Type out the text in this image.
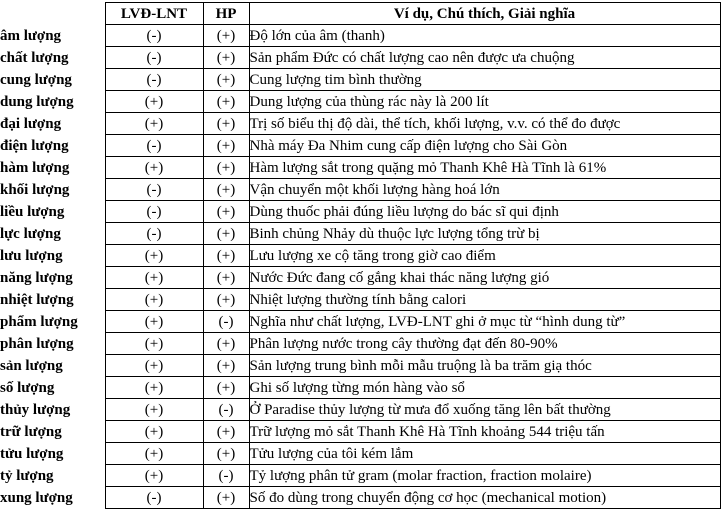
	LVĐ-LNT	HP	Ví dụ, Chú thích, Giải nghĩa
âm lượng	(-)	(+)	Độ lớn của âm (thanh)
chất lượng	(-)	(+)	Sản phẩm Đức có chất lượng cao nên được ưa chuộng
cung lượng	(-)	(+)	Cung lượng tim bình thường
dung lượng	(+)	(+)	Dung lượng của thùng rác này là 200 lít
đại lượng	(+)	(+)	Trị số biểu thị độ dài, thể tích, khối lượng, v.v. có thể đo được
điện lượng	(-)	(+)	Nhà máy Đa Nhim cung cấp điện lượng cho Sài Gòn
hàm lượng	(+)	(+)	Hàm lượng sắt trong quặng mỏ Thanh Khê Hà Tĩnh là 61%
khối lượng	(-)	(+)	Vận chuyển một khối lượng hàng hoá lớn
liều lượng	(-)	(+)	Dùng thuốc phải đúng liều lượng do bác sĩ qui định
lực lượng	(-)	(+)	Binh chủng Nhảy dù thuộc lực lượng tổng trừ bị
lưu lượng	(+)	(+)	Lưu lượng xe cộ tăng trong giờ cao điểm
năng lượng	(+)	(+)	Nước Đức đang cố gắng khai thác năng lượng gió
nhiệt lượng	(+)	(+)	Nhiệt lượng thường tính bằng calori
phẩm lượng	(+)	(-)	Nghĩa như chất lượng, LVĐ-LNT ghi ở mục từ “hình dung từ”
phân lượng	(+)	(+)	Phân lượng nước trong cây thường đạt đến 80-90%
sản lượng	(+)	(+)	Sản lượng trung bình mỗi mẫu truộng là ba trăm giạ thóc
số lượng	(+)	(+)	Ghi số lượng từng món hàng vào sổ
thủy lượng	(+)	(-)	Ở Paradise thủy lượng từ mưa đổ xuống tăng lên bất thường
trữ lượng	(+)	(+)	Trữ lượng mỏ sắt Thanh Khê Hà Tĩnh khoảng 544 triệu tấn
tửu lượng	(+)	(+)	Tửu lượng của tôi kém lắm
tỷ lượng	(+)	(-)	Tỷ lượng phân tử gram (molar fraction, fraction molaire)
xung lượng	(-)	(+)	Số đo dùng trong chuyển động cơ học (mechanical motion)
